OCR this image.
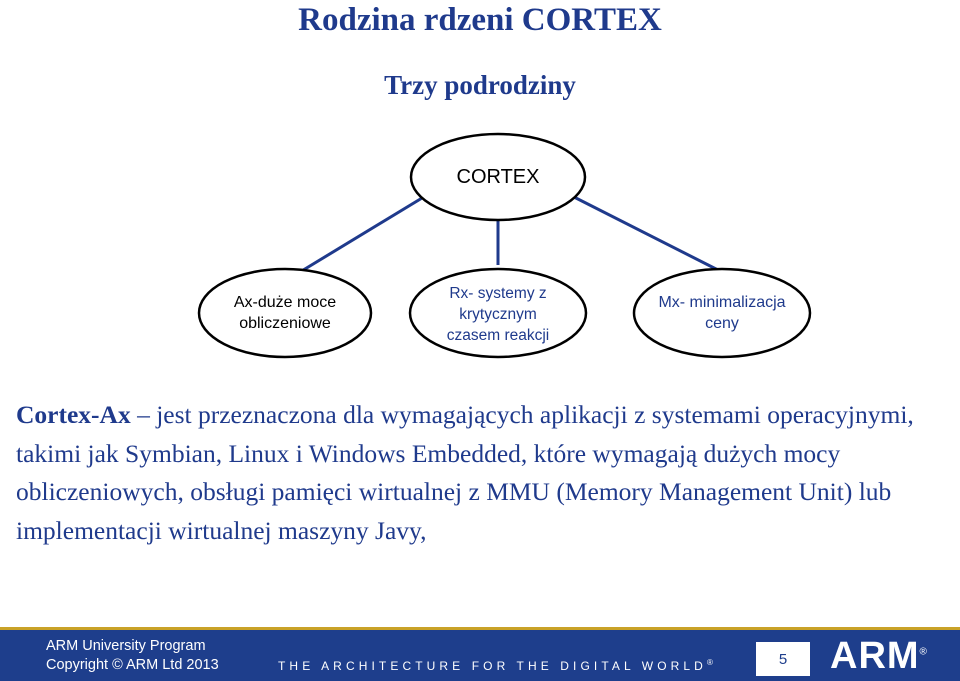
Rodzina rdzeni CORTEX
Trzy podrodziny
CORTEX
Ax-duże moce
obliczeniowe
Rx- systemy z
krytycznym
czasem reakcji
Mx- minimalizacja
ceny
Cortex-Ax – jest przeznaczona dla wymagających aplikacji z systemami operacyjnymi, takimi jak Symbian, Linux i Windows Embedded, które wymagają dużych mocy obliczeniowych, obsługi pamięci wirtualnej z MMU (Memory Management Unit) lub implementacji wirtualnej maszyny Javy,
ARM University Program
Copyright © ARM Ltd 2013	THE ARCHITECTURE FOR THE DIGITAL WORLD®	5	ARM®
